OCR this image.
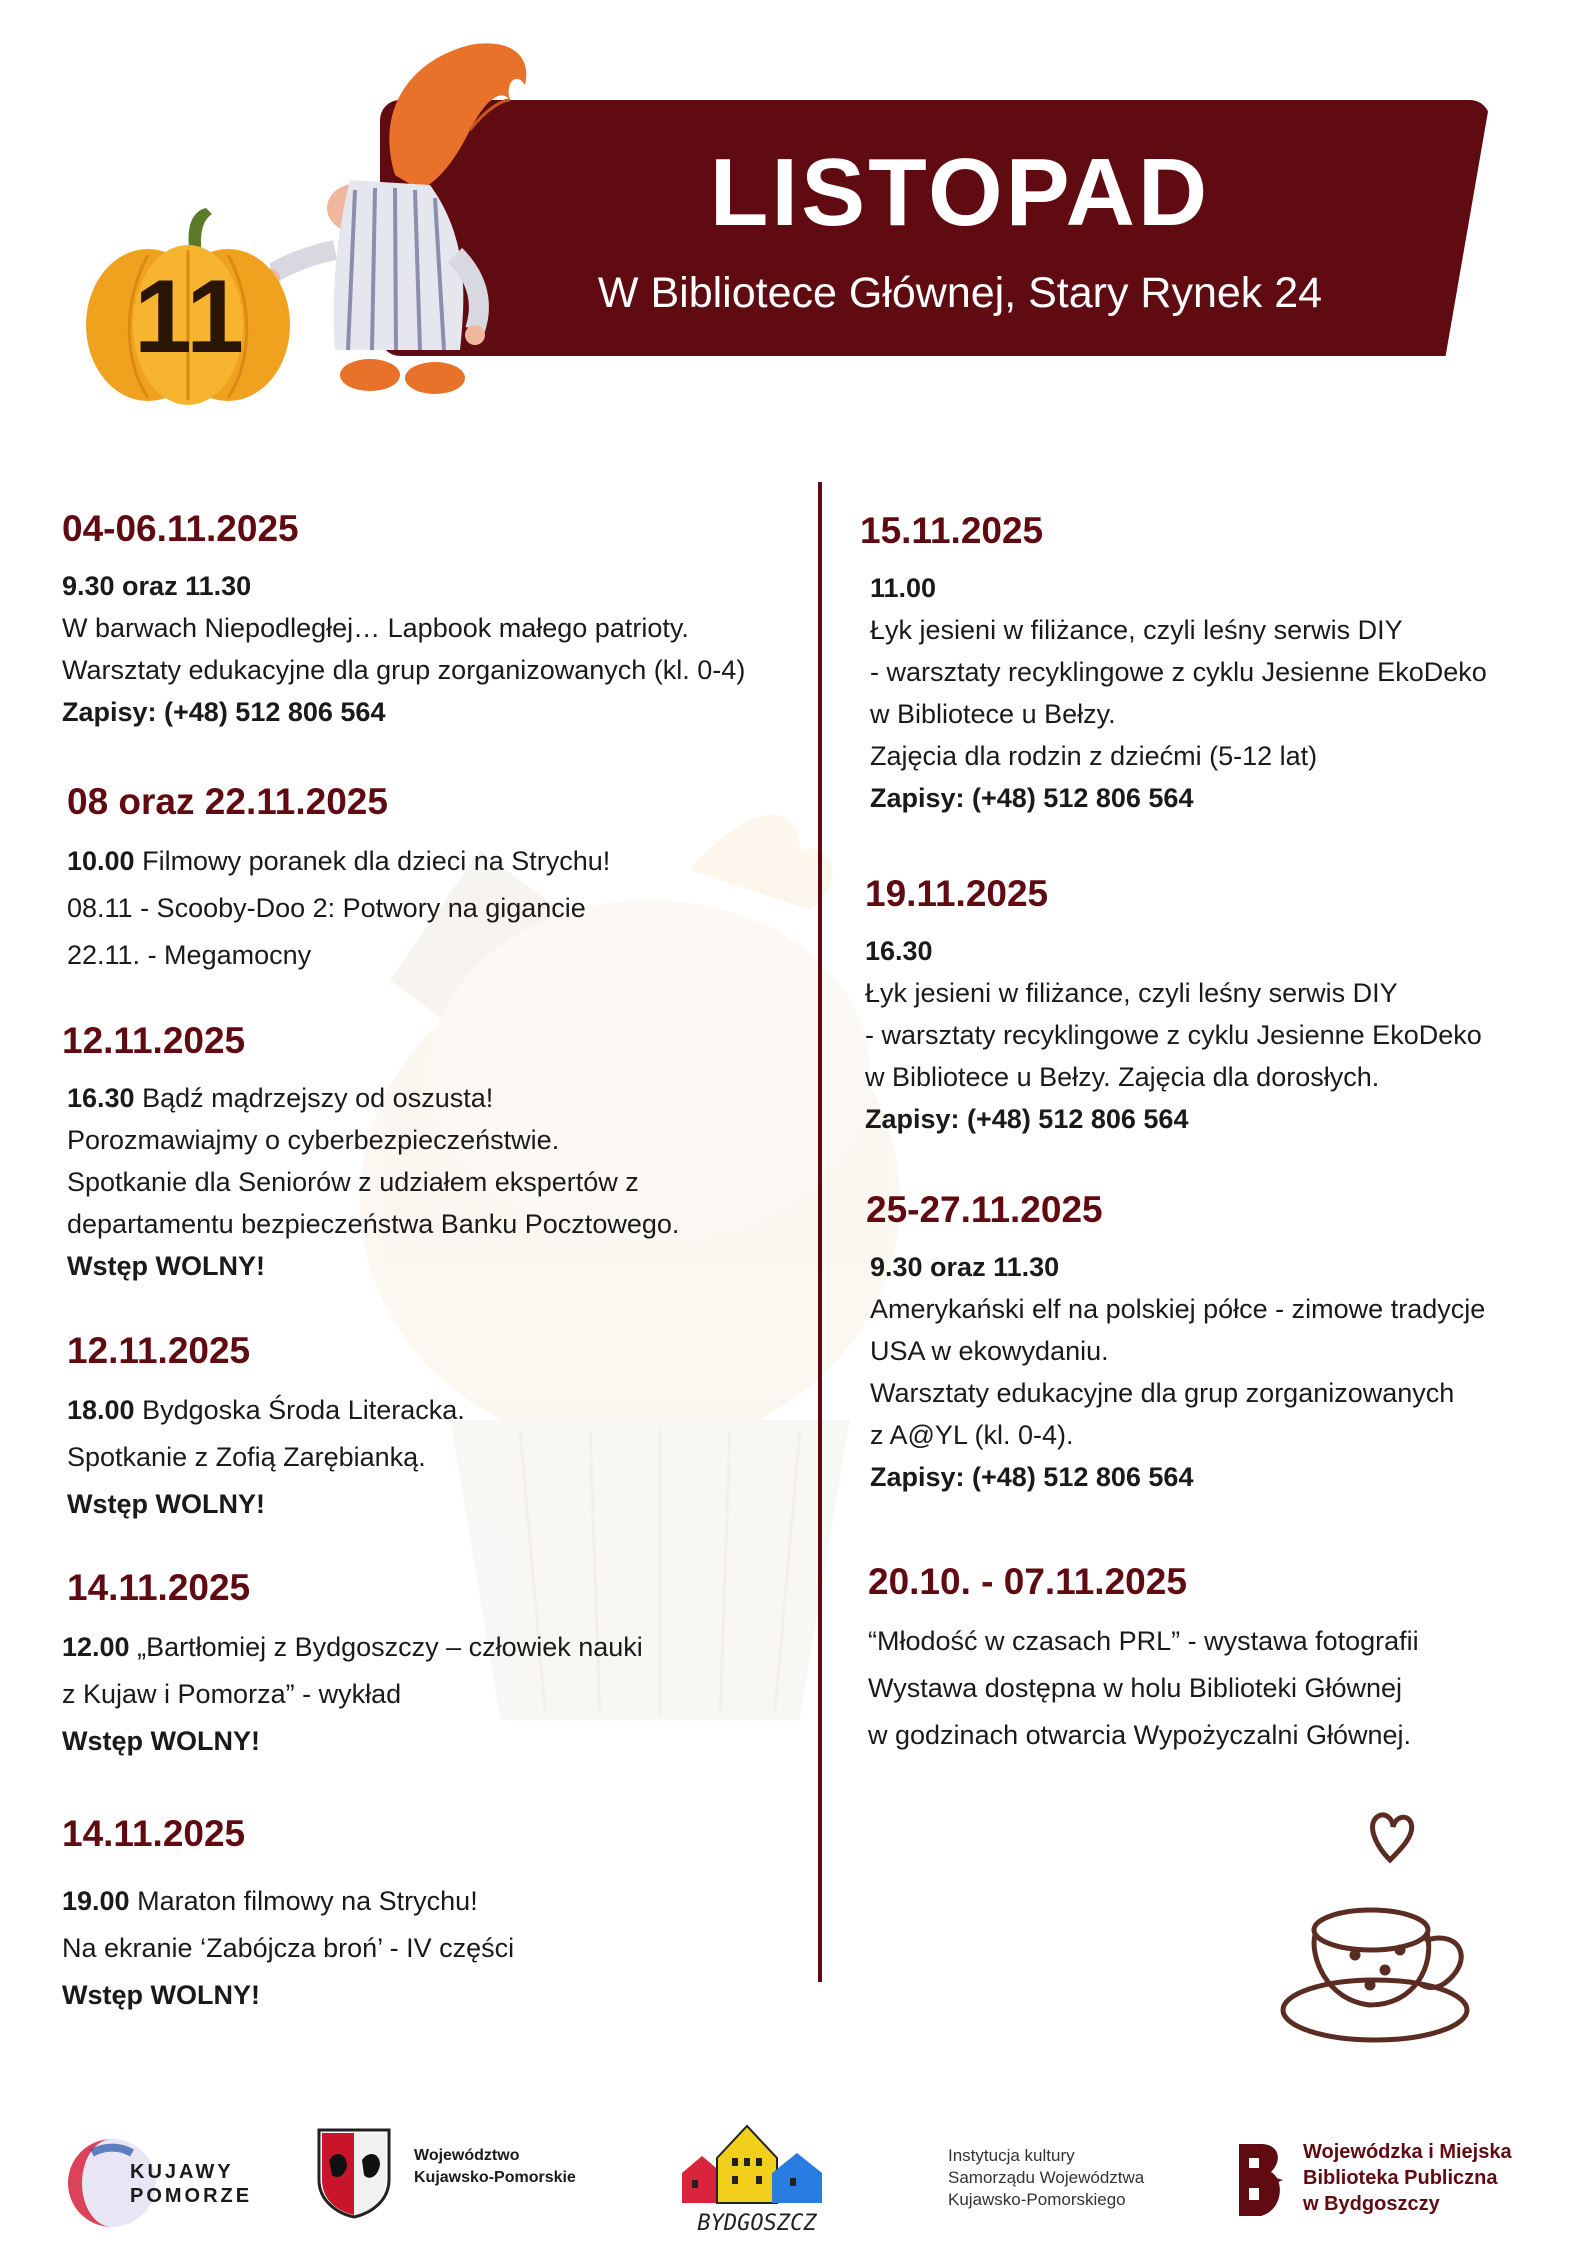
LISTOPAD
W Bibliotece Głównej, Stary Rynek 24
11
04-06.11.2025
9.30 oraz 11.30
W barwach Niepodległej… Lapbook małego patrioty.
Warsztaty edukacyjne dla grup zorganizowanych (kl. 0-4)
Zapisy: (+48) 512 806 564
08 oraz 22.11.2025
10.00 Filmowy poranek dla dzieci na Strychu!
08.11 - Scooby-Doo 2: Potwory na gigancie
22.11. - Megamocny
12.11.2025
16.30 Bądź mądrzejszy od oszusta!
Porozmawiajmy o cyberbezpieczeństwie.
Spotkanie dla Seniorów z udziałem ekspertów z
departamentu bezpieczeństwa Banku Pocztowego.
Wstęp WOLNY!
12.11.2025
18.00 Bydgoska Środa Literacka.
Spotkanie z Zofią Zarębianką.
Wstęp WOLNY!
14.11.2025
12.00 „Bartłomiej z Bydgoszczy – człowiek nauki
z Kujaw i Pomorza” - wykład
Wstęp WOLNY!
14.11.2025
19.00 Maraton filmowy na Strychu!
Na ekranie ‘Zabójcza broń’ - IV części
Wstęp WOLNY!
15.11.2025
11.00
Łyk jesieni w filiżance, czyli leśny serwis DIY
- warsztaty recyklingowe z cyklu Jesienne EkoDeko
w Bibliotece u Bełzy.
Zajęcia dla rodzin z dziećmi (5-12 lat)
Zapisy: (+48) 512 806 564
19.11.2025
16.30
Łyk jesieni w filiżance, czyli leśny serwis DIY
- warsztaty recyklingowe z cyklu Jesienne EkoDeko
w Bibliotece u Bełzy. Zajęcia dla dorosłych.
Zapisy: (+48) 512 806 564
25-27.11.2025
9.30 oraz 11.30
Amerykański elf na polskiej półce - zimowe tradycje
USA w ekowydaniu.
Warsztaty edukacyjne dla grup zorganizowanych
z A@YL (kl. 0-4).
Zapisy: (+48) 512 806 564
20.10. - 07.11.2025
“Młodość w czasach PRL” - wystawa fotografii
Wystawa dostępna w holu Biblioteki Głównej
w godzinach otwarcia Wypożyczalni Głównej.
KUJAWY
POMORZE
Województwo
Kujawsko-Pomorskie
BYDGOSZCZ
Instytucja kultury
Samorządu Województwa
Kujawsko-Pomorskiego
Wojewódzka i Miejska
Biblioteka Publiczna
w Bydgoszczy
